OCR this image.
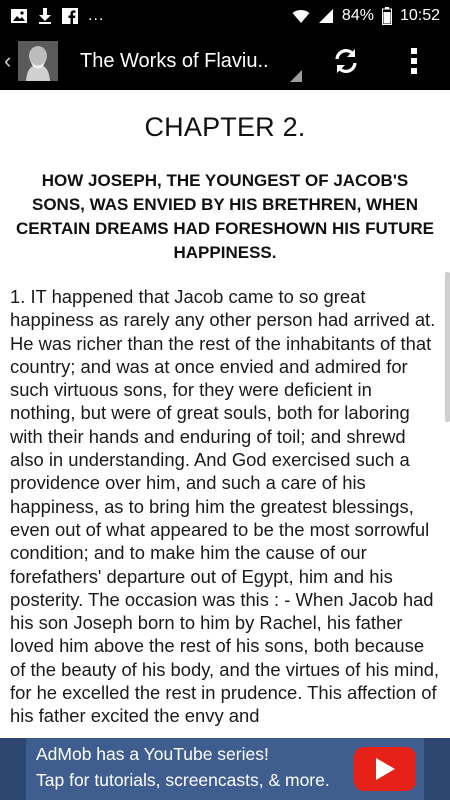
...	84% 10:52
‹	The Works of Flaviu..
CHAPTER 2.
HOW JOSEPH, THE YOUNGEST OF JACOB'S SONS, WAS ENVIED BY HIS BRETHREN, WHEN CERTAIN DREAMS HAD FORESHOWN HIS FUTURE HAPPINESS.

1. IT happened that Jacob came to so great happiness as rarely any other person had arrived at. He was richer than the rest of the inhabitants of that country; and was at once envied and admired for such virtuous sons, for they were deficient in nothing, but were of great souls, both for laboring with their hands and enduring of toil; and shrewd also in understanding. And God exercised such a providence over him, and such a care of his happiness, as to bring him the greatest blessings, even out of what appeared to be the most sorrowful condition; and to make him the cause of our forefathers' departure out of Egypt, him and his posterity. The occasion was this : - When Jacob had his son Joseph born to him by Rachel, his father loved him above the rest of his sons, both because of the beauty of his body, and the virtues of his mind, for he excelled the rest in prudence. This affection of his father excited the envy and

AdMob has a YouTube series!
Tap for tutorials, screencasts, & more.
